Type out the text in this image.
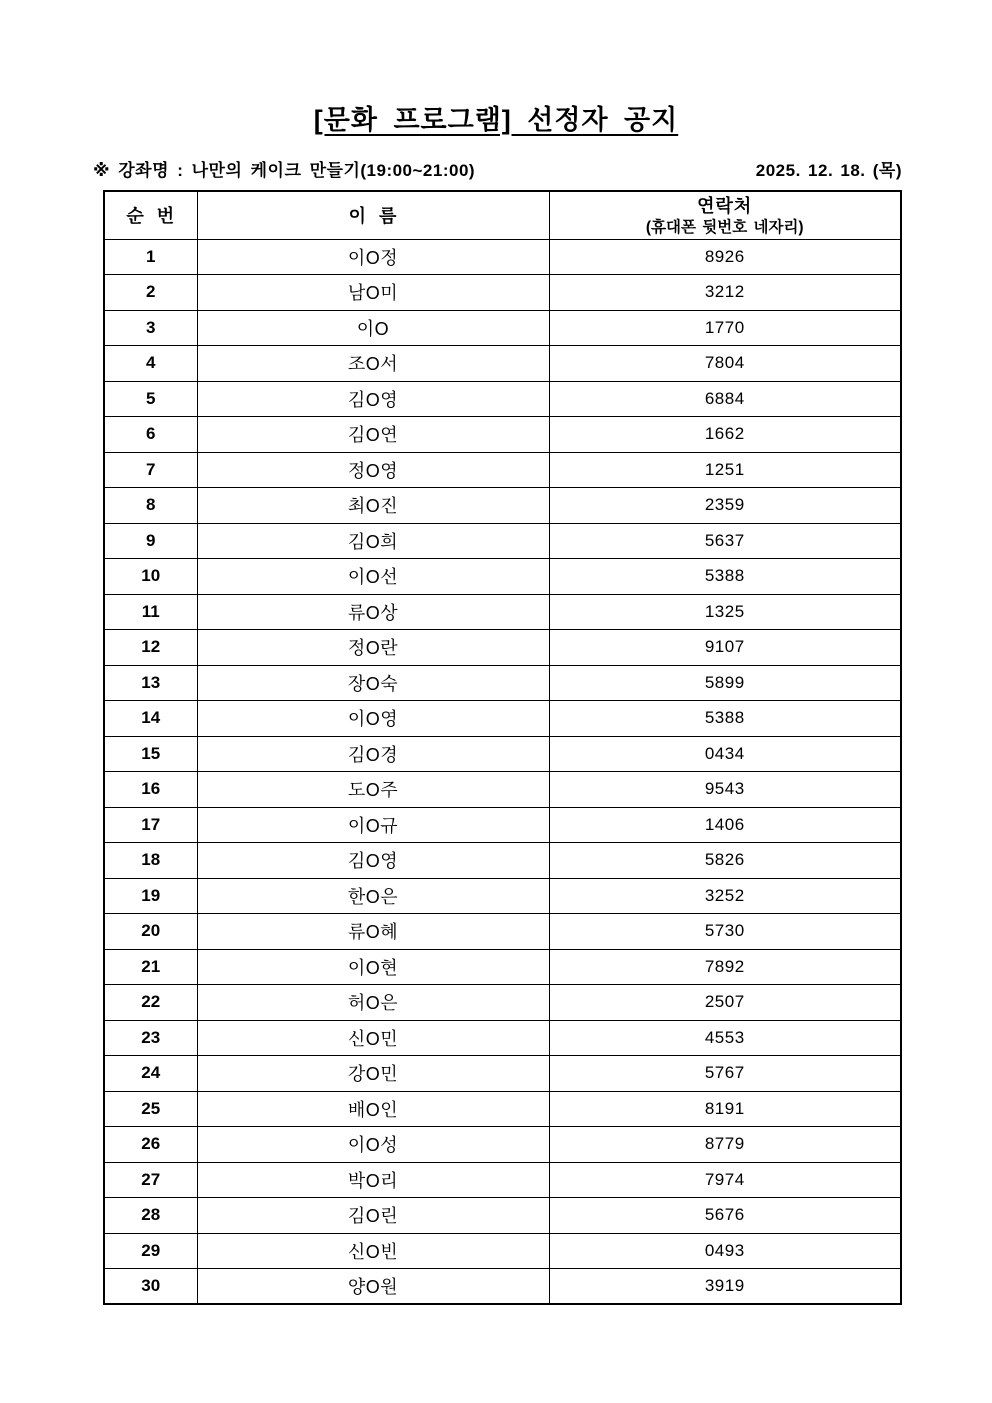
[문화 프로그램] 선정자 공지
※ 강좌명 : 나만의 케이크 만들기(19:00~21:00)	2025. 12. 18. (목)
순 번	이 름	연락처
(휴대폰 뒷번호 네자리)

1	이O정	8926
2	남O미	3212
3	이O	1770
4	조O서	7804
5	김O영	6884
6	김O연	1662
7	정O영	1251
8	최O진	2359
9	김O희	5637
10	이O선	5388
11	류O상	1325
12	정O란	9107
13	장O숙	5899
14	이O영	5388
15	김O경	0434
16	도O주	9543
17	이O규	1406
18	김O영	5826
19	한O은	3252
20	류O혜	5730
21	이O현	7892
22	허O은	2507
23	신O민	4553
24	강O민	5767
25	배O인	8191
26	이O성	8779
27	박O리	7974
28	김O린	5676
29	신O빈	0493
30	양O원	3919
